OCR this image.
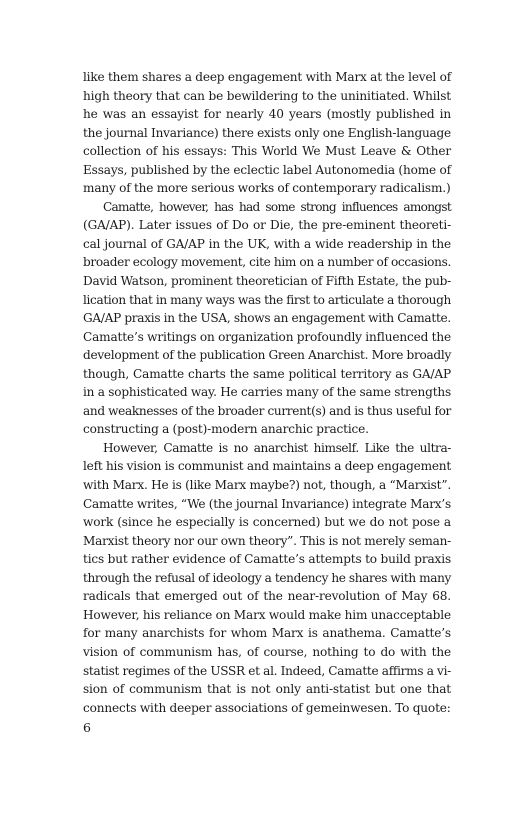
like them shares a deep engagement with Marx at the level of
high theory that can be bewildering to the uninitiated. Whilst
he was an essayist for nearly 40 years (mostly published in
the journal Invariance) there exists only one English-language
collection of his essays: This World We Must Leave & Other
Essays, published by the eclectic label Autonomedia (home of
many of the more serious works of contemporary radicalism.)
Camatte, however, has had some strong influences amongst
(GA/AP). Later issues of Do or Die, the pre-eminent theoreti-
cal journal of GA/AP in the UK, with a wide readership in the
broader ecology movement, cite him on a number of occasions.
David Watson, prominent theoretician of Fifth Estate, the pub-
lication that in many ways was the first to articulate a thorough
GA/AP praxis in the USA, shows an engagement with Camatte.
Camatte’s writings on organization profoundly influenced the
development of the publication Green Anarchist. More broadly
though, Camatte charts the same political territory as GA/AP
in a sophisticated way. He carries many of the same strengths
and weaknesses of the broader current(s) and is thus useful for
constructing a (post)-modern anarchic practice.
However, Camatte is no anarchist himself. Like the ultra-
left his vision is communist and maintains a deep engagement
with Marx. He is (like Marx maybe?) not, though, a “Marxist”.
Camatte writes, “We (the journal Invariance) integrate Marx’s
work (since he especially is concerned) but we do not pose a
Marxist theory nor our own theory”. This is not merely seman-
tics but rather evidence of Camatte’s attempts to build praxis
through the refusal of ideology a tendency he shares with many
radicals that emerged out of the near-revolution of May 68.
However, his reliance on Marx would make him unacceptable
for many anarchists for whom Marx is anathema. Camatte’s
vision of communism has, of course, nothing to do with the
statist regimes of the USSR et al. Indeed, Camatte affirms a vi-
sion of communism that is not only anti-statist but one that
connects with deeper associations of gemeinwesen. To quote:
6
